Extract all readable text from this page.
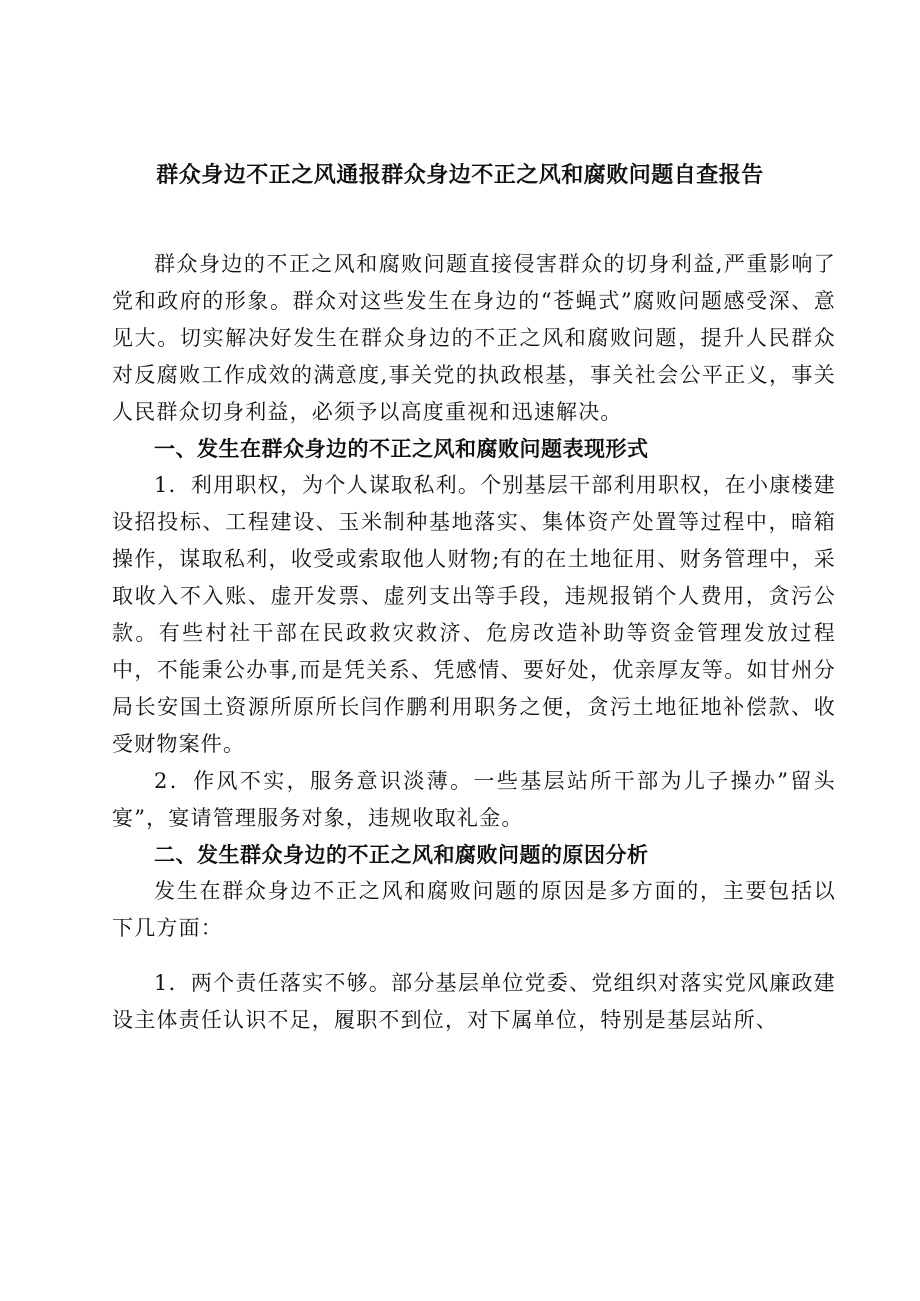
群众身边不正之风通报群众身边不正之风和腐败问题自查报告

群众身边的不正之风和腐败问题直接侵害群众的切身利益,严重影响了党和政府的形象。群众对这些发生在身边的“苍蝇式”腐败问题感受深、意见大。切实解决好发生在群众身边的不正之风和腐败问题，提升人民群众对反腐败工作成效的满意度,事关党的执政根基，事关社会公平正义，事关人民群众切身利益，必须予以高度重视和迅速解决。

一、发生在群众身边的不正之风和腐败问题表现形式

1．利用职权，为个人谋取私利。个别基层干部利用职权，在小康楼建设招投标、工程建设、玉米制种基地落实、集体资产处置等过程中，暗箱操作，谋取私利，收受或索取他人财物;有的在土地征用、财务管理中，采取收入不入账、虚开发票、虚列支出等手段，违规报销个人费用，贪污公款。有些村社干部在民政救灾救济、危房改造补助等资金管理发放过程中，不能秉公办事,而是凭关系、凭感情、要好处，优亲厚友等。如甘州分局长安国土资源所原所长闫作鹏利用职务之便，贪污土地征地补偿款、收受财物案件。

2．作风不实，服务意识淡薄。一些基层站所干部为儿子操办”留头宴”，宴请管理服务对象，违规收取礼金。

二、发生群众身边的不正之风和腐败问题的原因分析

发生在群众身边不正之风和腐败问题的原因是多方面的，主要包括以下几方面：

1．两个责任落实不够。部分基层单位党委、党组织对落实党风廉政建设主体责任认识不足，履职不到位，对下属单位，特别是基层站所、
